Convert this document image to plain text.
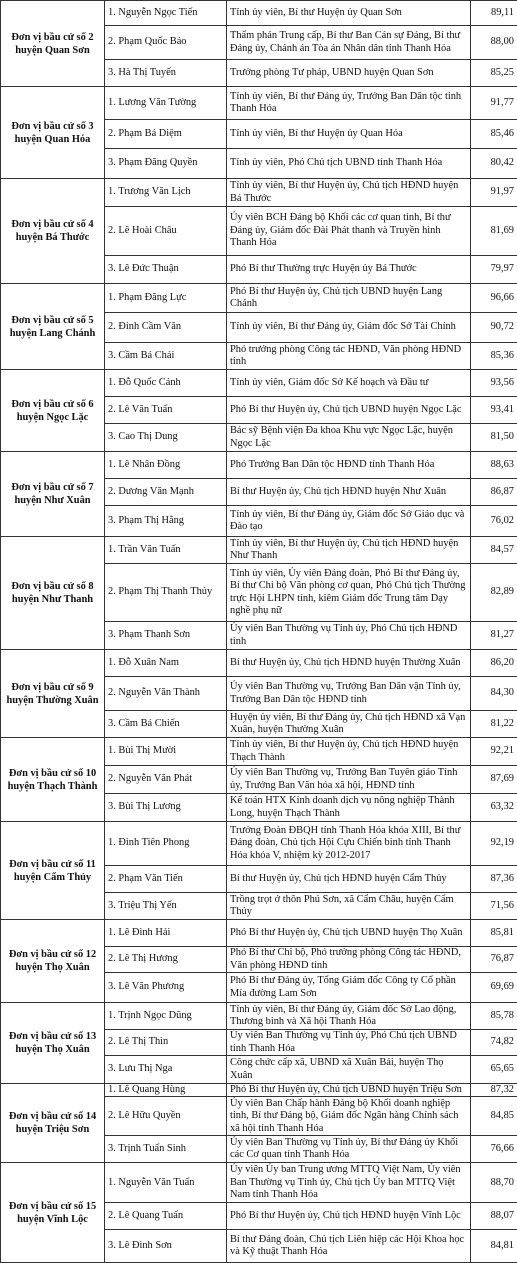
Đơn vị bầu cử số 2 huyện Quan Sơn	1. Nguyễn Ngọc Tiến	Tỉnh ủy viên, Bí thư Huyện ủy Quan Sơn	89,11
	2. Phạm Quốc Bảo	Thẩm phán Trung cấp, Bí thư Ban Cán sự Đảng, Bí thư Đảng ủy, Chánh án Tòa án Nhân dân tỉnh Thanh Hóa	88,00
	3. Hà Thị Tuyến	Trưởng phòng Tư pháp, UBND huyện Quan Sơn	85,25
Đơn vị bầu cử số 3 huyện Quan Hóa	1. Lương Văn Tường	Tỉnh ủy viên, Bí thư Đảng ủy, Trưởng Ban Dân tộc tỉnh Thanh Hóa	91,77
	2. Phạm Bá Diệm	Tỉnh ủy viên, Bí thư Huyện ủy Quan Hóa	85,46
	3. Phạm Đăng Quyền	Tỉnh ủy viên, Phó Chủ tịch UBND tỉnh Thanh Hóa	80,42
Đơn vị bầu cử số 4 huyện Bá Thước	1. Trương Văn Lịch	Tỉnh ủy viên, Bí thư Huyện ủy, Chủ tịch HĐND huyện Bá Thước	91,97
	2. Lê Hoài Châu	Ủy viên BCH Đảng bộ Khối các cơ quan tỉnh, Bí thư Đảng ủy, Giám đốc Đài Phát thanh và Truyền hình Thanh Hóa	81,69
	3. Lê Đức Thuận	Phó Bí thư Thường trực Huyện ủy Bá Thước	79,97
Đơn vị bầu cử số 5 huyện Lang Chánh	1. Phạm Đăng Lực	Phó Bí thư Huyện ủy, Chủ tịch UBND huyện Lang Chánh	96,66
	2. Đinh Cầm Vân	Tỉnh ủy viên, Bí thư Đảng ủy, Giám đốc Sở Tài Chính	90,72
	3. Cầm Bá Chải	Phó trưởng phòng Công tác HĐND, Văn phòng HĐND tỉnh	85,36
Đơn vị bầu cử số 6 huyện Ngọc Lặc	1. Đỗ Quốc Cảnh	Tỉnh ủy viên, Giám đốc Sở Kế hoạch và Đầu tư	93,56
	2. Lê Văn Tuấn	Phó Bí thư Huyện ủy, Chủ tịch UBND huyện Ngọc Lặc	93,41
	3. Cao Thị Dung	Bác sỹ Bệnh viện Đa khoa Khu vực Ngọc Lặc, huyện Ngọc Lặc	81,50
Đơn vị bầu cử số 7 huyện Như Xuân	1. Lê Nhân Đồng	Phó Trưởng Ban Dân tộc HĐND tỉnh Thanh Hóa	88,63
	2. Dương Văn Mạnh	Bí thư Huyện ủy, Chủ tịch HĐND huyện Như Xuân	86,87
	3. Phạm Thị Hằng	Tỉnh ủy viên, Bí thư Đảng ủy, Giám đốc Sở Giáo dục và Đào tạo	76,02
Đơn vị bầu cử số 8 huyện Như Thanh	1. Trần Văn Tuấn	Tỉnh ủy viên, Bí thư Huyện ủy, Chủ tịch HĐND huyện Như Thanh	84,57
	2. Phạm Thị Thanh Thủy	Tỉnh ủy viên, Ủy viên Đảng đoàn, Phó Bí thư Đảng ủy, Bí thư Chi bộ Văn phòng cơ quan, Phó Chủ tịch Thường trực Hội LHPN tỉnh, kiêm Giám đốc Trung tâm Dạy nghề phụ nữ	82,89
	3. Phạm Thanh Sơn	Ủy viên Ban Thường vụ Tỉnh ủy, Phó Chủ tịch HĐND tỉnh	81,27
Đơn vị bầu cử số 9 huyện Thường Xuân	1. Đỗ Xuân Nam	Bí thư Huyện ủy, Chủ tịch HĐND huyện Thường Xuân	86,20
	2. Nguyễn Văn Thành	Ủy viên Ban Thường vụ, Trưởng Ban Dân vận Tỉnh ủy, Trưởng Ban Dân tộc HĐND tỉnh	84,30
	3. Cầm Bá Chiến	Huyện ủy viên, Bí thư Đảng ủy, Chủ tịch HĐND xã Vạn Xuân, huyện Thường Xuân	81,22
Đơn vị bầu cử số 10 huyện Thạch Thành	1. Bùi Thị Mười	Tỉnh ủy viên, Bí thư Huyện ủy, Chủ tịch HĐND huyện Thạch Thành	92,21
	2. Nguyễn Văn Phát	Ủy viên Ban Thường vụ, Trưởng Ban Tuyên giáo Tỉnh ủy, Trưởng Ban Văn hóa xã hội, HĐND tỉnh	87,69
	3. Bùi Thị Lương	Kế toán HTX Kinh doanh dịch vụ nông nghiệp Thành Long, huyện Thạch Thành	63,32
Đơn vị bầu cử số 11 huyện Cẩm Thủy	1. Đinh Tiên Phong	Trưởng Đoàn ĐBQH tỉnh Thanh Hóa khóa XIII, Bí thư Đảng đoàn, Chủ tịch Hội Cựu Chiến binh tỉnh Thanh Hóa khóa V, nhiệm kỳ 2012-2017	92,19
	2. Phạm Văn Tiến	Bí thư Huyện ủy, Chủ tịch HĐND huyện Cẩm Thủy	87,36
	3. Triệu Thị Yến	Trồng trọt ở thôn Phú Sơn, xã Cẩm Châu, huyện Cẩm Thủy	71,56
Đơn vị bầu cử số 12 huyện Thọ Xuân	1. Lê Đình Hải	Phó Bí thư Huyện ủy, Chủ tịch UBND huyện Thọ Xuân	85,81
	2. Lê Thị Hương	Phó Bí thư Chi bộ, Phó trưởng phòng Công tác HĐND, Văn phòng HĐND tỉnh	76,87
	3. Lê Văn Phương	Phó Bí thư Đảng ủy, Tổng Giám đốc Công ty Cổ phần Mía đường Lam Sơn	69,69
Đơn vị bầu cử số 13 huyện Thọ Xuân	1. Trịnh Ngọc Dũng	Tỉnh ủy viên, Bí thư Đảng ủy, Giám đốc Sở Lao động, Thương binh và Xã hội Thanh Hóa	85,78
	2. Lê Thị Thìn	Ủy viên Ban Thường vụ Tỉnh ủy, Phó Chủ tịch UBND tỉnh Thanh Hóa	74,82
	3. Lưu Thị Nga	Công chức cấp xã, UBND xã Xuân Bái, huyện Thọ Xuân	65,65
Đơn vị bầu cử số 14 huyện Triệu Sơn	1. Lê Quang Hùng	Phó Bí thư Huyện ủy, Chủ tịch UBND huyện Triệu Sơn	87,32
	2. Lê Hữu Quyền	Ủy viên Ban Chấp hành Đảng bộ Khối doanh nghiệp tỉnh, Bí thư Đảng bộ, Giám đốc Ngân hàng Chính sách xã hội tỉnh Thanh Hóa	84,85
	3. Trịnh Tuấn Sinh	Ủy viên Ban Thường vụ Tỉnh ủy, Bí thư Đảng ủy Khối các Cơ quan tỉnh Thanh Hóa	76,66
Đơn vị bầu cử số 15 huyện Vĩnh Lộc	1. Nguyễn Văn Tuấn	Ủy viên Ủy ban Trung ương MTTQ Việt Nam, Ủy viên Ban Thường vụ Tỉnh ủy, Chủ tịch Ủy ban MTTQ Việt Nam tỉnh Thanh Hóa	88,70
	2. Lê Quang Tuấn	Phó Bí thư Huyện ủy, Chủ tịch HĐND huyện Vĩnh Lộc	88,07
	3. Lê Đình Sơn	Bí thư Đảng đoàn, Chủ tịch Liên hiệp các Hội Khoa học và Kỹ thuật Thanh Hóa	84,81
